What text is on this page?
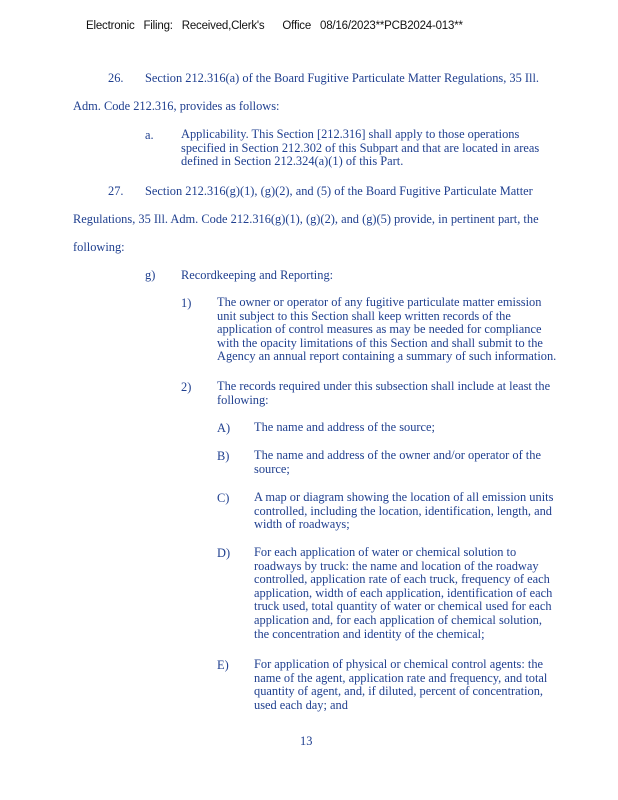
Electronic   Filing:   Received,Clerk's      Office   08/16/2023**PCB2024-013**
26. Section 212.316(a) of the Board Fugitive Particulate Matter Regulations, 35 Ill.
Adm. Code 212.316, provides as follows:
a. Applicability. This Section [212.316] shall apply to those operations
specified in Section 212.302 of this Subpart and that are located in areas
defined in Section 212.324(a)(1) of this Part.
27. Section 212.316(g)(1), (g)(2), and (5) of the Board Fugitive Particulate Matter
Regulations, 35 Ill. Adm. Code 212.316(g)(1), (g)(2), and (g)(5) provide, in pertinent part, the
following:
g) Recordkeeping and Reporting:
1) The owner or operator of any fugitive particulate matter emission
unit subject to this Section shall keep written records of the
application of control measures as may be needed for compliance
with the opacity limitations of this Section and shall submit to the
Agency an annual report containing a summary of such information.
2) The records required under this subsection shall include at least the
following:
A) The name and address of the source;
B) The name and address of the owner and/or operator of the
source;
C) A map or diagram showing the location of all emission units
controlled, including the location, identification, length, and
width of roadways;
D) For each application of water or chemical solution to
roadways by truck: the name and location of the roadway
controlled, application rate of each truck, frequency of each
application, width of each application, identification of each
truck used, total quantity of water or chemical used for each
application and, for each application of chemical solution,
the concentration and identity of the chemical;
E) For application of physical or chemical control agents: the
name of the agent, application rate and frequency, and total
quantity of agent, and, if diluted, percent of concentration,
used each day; and
13
